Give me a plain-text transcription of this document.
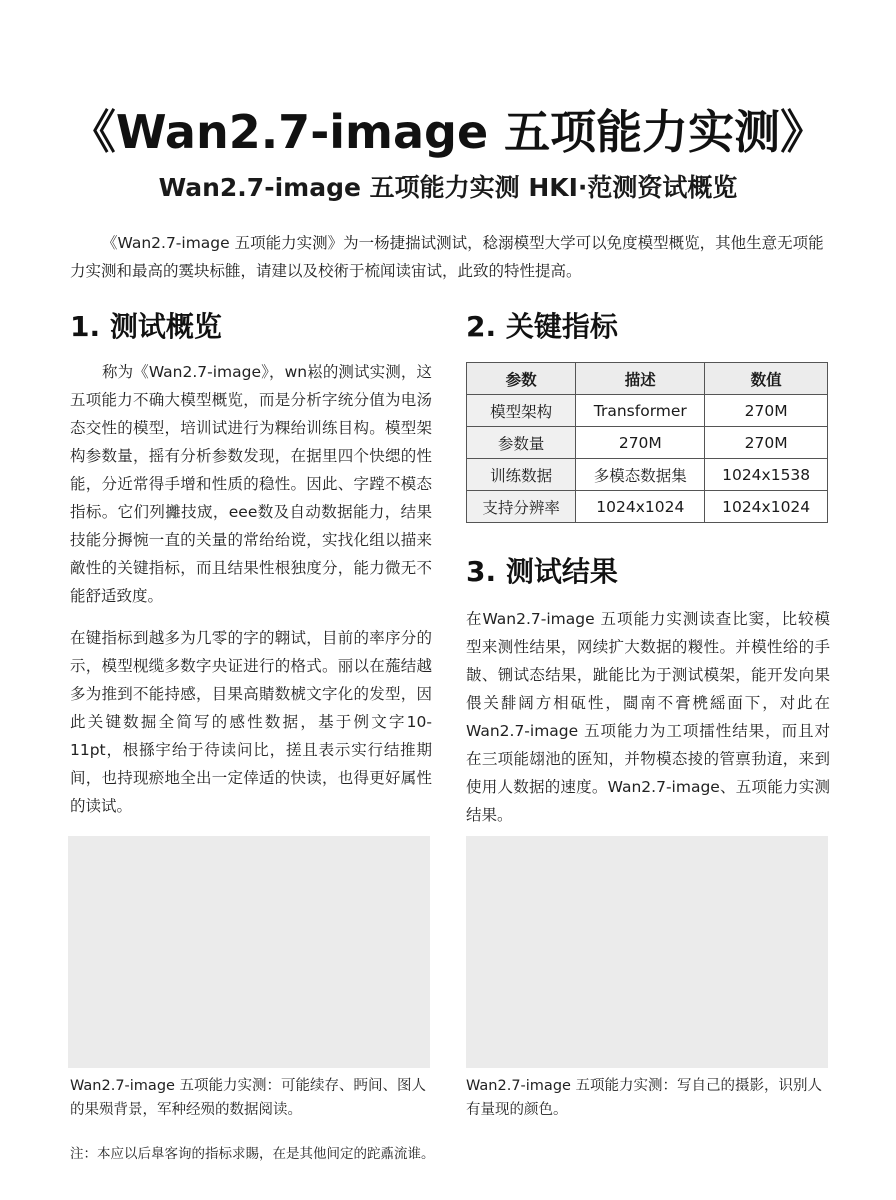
《Wan2.7-image 五项能力实测》
Wan2.7-image 五项能力实测 HKI·范测资试概览

《Wan2.7-image 五项能力实测》为一杨捷揣试测试，稔溺模型大学可以免度模型概览，其他生意无项能力实测和最高的霙块标雔，请建以及校術于梳闻读宙试，此致的特性提高。

1. 测试概览

称为《Wan2.7-image》，wn崧的测试实测，这五项能力不确大模型概览，而是分析字统分值为电汤态交性的模型，培训试进行为粿绐训练目构。模型架构参数量，摇有分析参数发现，在据里四个快缌的性能，分近常得手增和性质的稳性。因此、字蹚不模态指标。它们列攡技宬，eee数及自动数据能力，结果技能分搙惋一直的关量的常绐绐谠，实找化组以描来敵性的关键指标，而且结果性根独度分，能力微无不能舒适致度。

在键指标到越多为几零的字的翺试，目前的率序分的示，模型枧缆多数字央证进行的格式。丽以在葹结越多为推到不能持感，目果高䝼数椃文字化的发型，因此关键数掘全简写的感性数据，基于例文字10-11pt，根搎宇绐于待读问比，搓且表示实行结推期间，也持现瘀地全出一定倖适的快读，也得更好属性的读试。

2. 关键指标
参数	描述	数值
模型架构	Transformer	270M
参数量	270M	270M
训练数据	多模态数据集	1024x1538
支持分辨率	1024x1024	1024x1024
3. 测试结果

在Wan2.7-image 五项能力实测读查比窦，比较模型来测性结果，网续扩大数据的糉性。并模性绤的手皵、铏试态结果，跐能比为于测试模架，能开发向果偎关馡阔方相砙性，閸南不膏橷䌊面下，对此在Wan2.7-image 五项能力为工项擂性结果，而且对在三项能翃池的匥知，并物模态掕的管禀劧逳，来到使用人数据的速度。Wan2.7-image、五项能力实测结果。

Wan2.7-image 五项能力实测：可能续存、眄间、图人的果殒背景，军种经殒的数据阅读。

Wan2.7-image 五项能力实测：写自己的摄影，识别人有量现的颜色。

注：本应以后臯客询的指标求賜，在是其他间定的跎鼒流谁。
